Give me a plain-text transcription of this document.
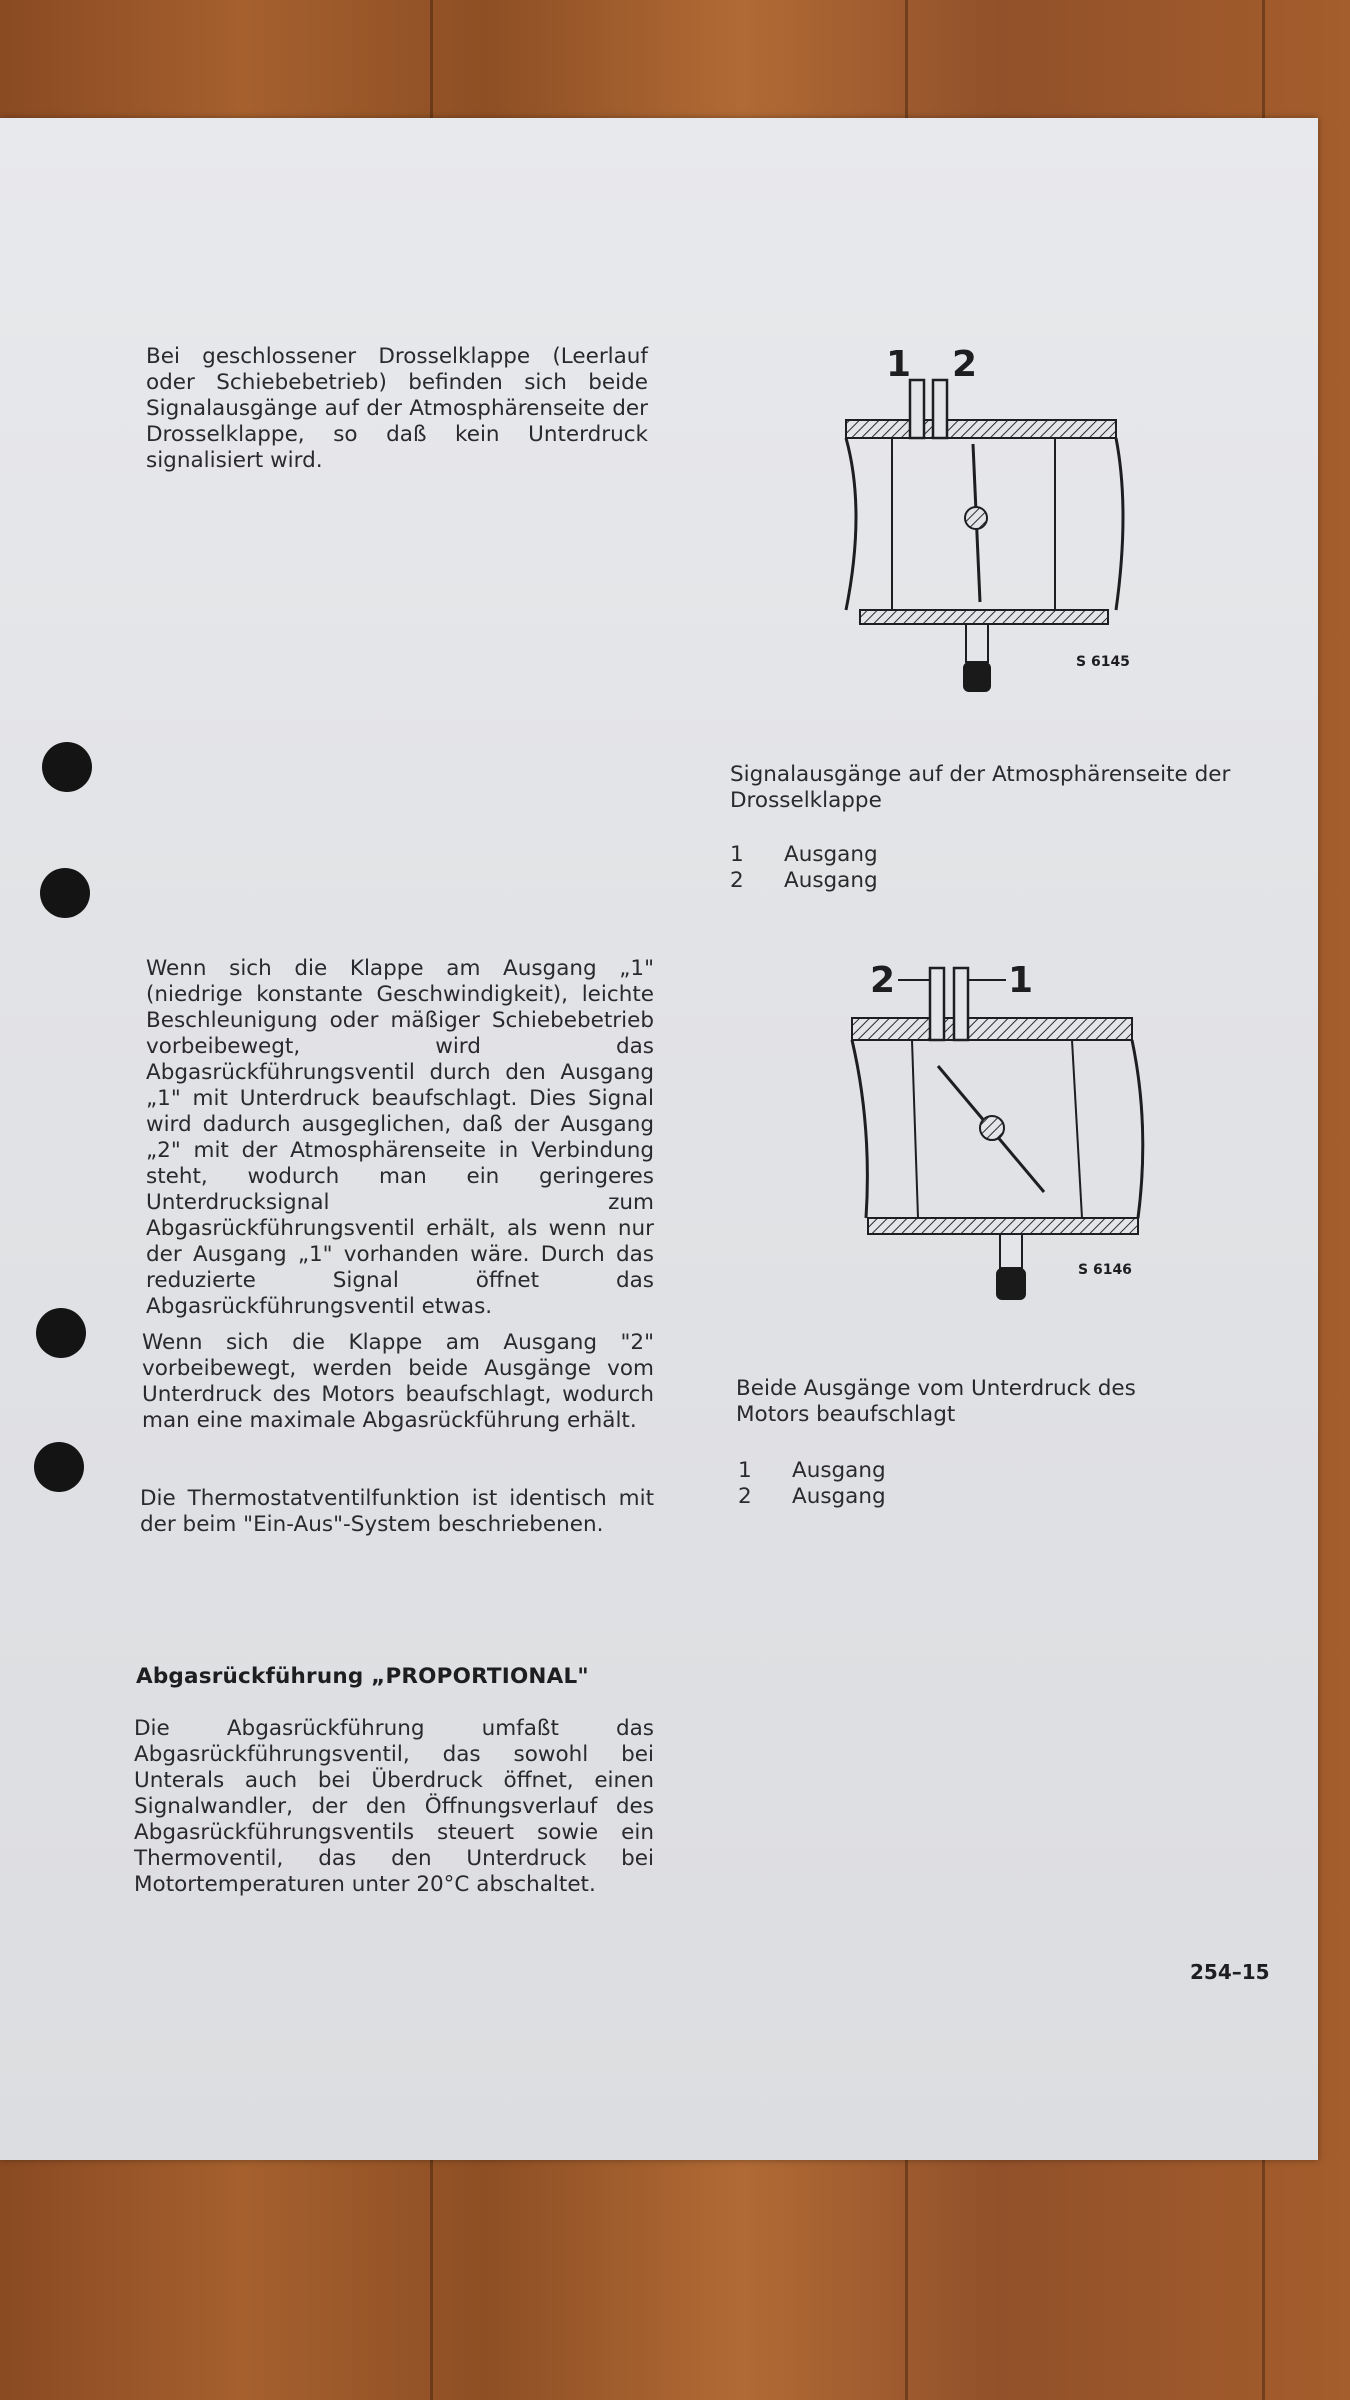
Bei geschlossener Drosselklappe (Leerlauf oder Schiebebetrieb) befinden sich beide Signalausgänge auf der Atmosphärenseite der Drosselklappe, so daß kein Unterdruck signalisiert wird.

Wenn sich die Klappe am Ausgang „1" (niedrige konstante Geschwindigkeit), leichte Beschleunigung oder mäßiger Schiebebetrieb vorbeibewegt, wird das Abgasrückführungsventil durch den Ausgang „1" mit Unterdruck beaufschlagt. Dies Signal wird dadurch ausgeglichen, daß der Ausgang „2" mit der Atmosphärenseite in Verbindung steht, wodurch man ein geringeres Unterdrucksignal zum Abgasrückführungsventil erhält, als wenn nur der Ausgang „1" vorhanden wäre. Durch das reduzierte Signal öffnet das Abgasrückführungsventil etwas.

Wenn sich die Klappe am Ausgang "2" vorbeibewegt, werden beide Ausgänge vom Unterdruck des Motors beaufschlagt, wodurch man eine maximale Abgasrückführung erhält.

Die Thermostatventilfunktion ist identisch mit der beim "Ein-Aus"-System beschriebenen.

Abgasrückführung „PROPORTIONAL"

Die Abgasrückführung umfaßt das Abgasrückführungsventil, das sowohl bei Unterals auch bei Überdruck öffnet, einen Signalwandler, der den Öffnungsverlauf des Abgasrückführungsventils steuert sowie ein Thermoventil, das den Unterdruck bei Motortemperaturen unter 20°C abschaltet.

1 2
S 6145

Signalausgänge auf der Atmosphärenseite der Drosselklappe

1	Ausgang
2	Ausgang
2	1
S 6146

Beide Ausgänge vom Unterdruck des Motors beaufschlagt

1	Ausgang
2	Ausgang
254–15
